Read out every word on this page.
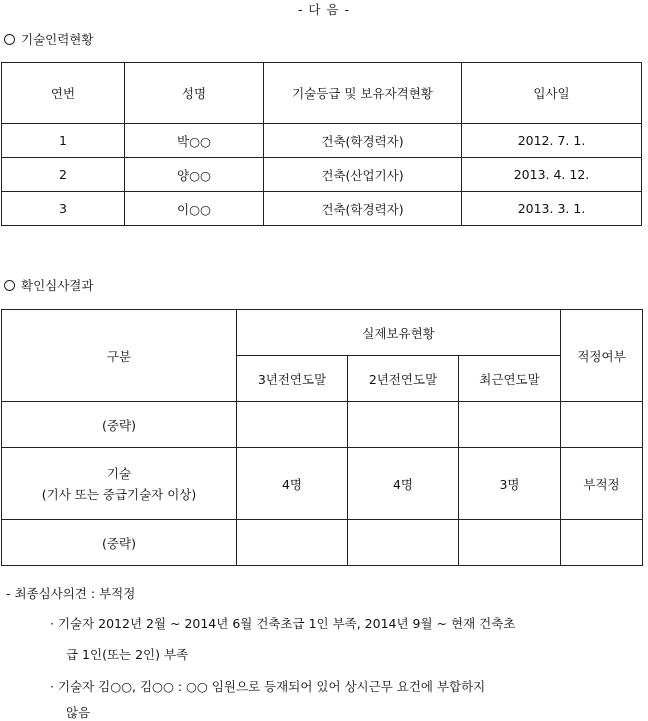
- 다 음 -
기술인력현황
연번	성명	기술등급 및 보유자격현황	입사일
1	박○○	건축(학경력자)	2012. 7. 1.
2	양○○	건축(산업기사)	2013. 4. 12.
3	이○○	건축(학경력자)	2013. 3. 1.
확인심사결과
구분	실제보유현황			적정여부
	3년전연도말	2년전연도말	최근연도말	
(중략)				

기술
(기사 또는 중급기술자 이상)	4명	4명	3명	부적정
(중략)				
- 최종심사의견 : 부적정
· 기술자 2012년 2월 ~ 2014년 6월 건축초급 1인 부족, 2014년 9월 ~ 현재 건축초
급 1인(또는 2인) 부족
· 기술자 김○○, 김○○ : ○○ 임원으로 등재되어 있어 상시근무 요건에 부합하지
않음
